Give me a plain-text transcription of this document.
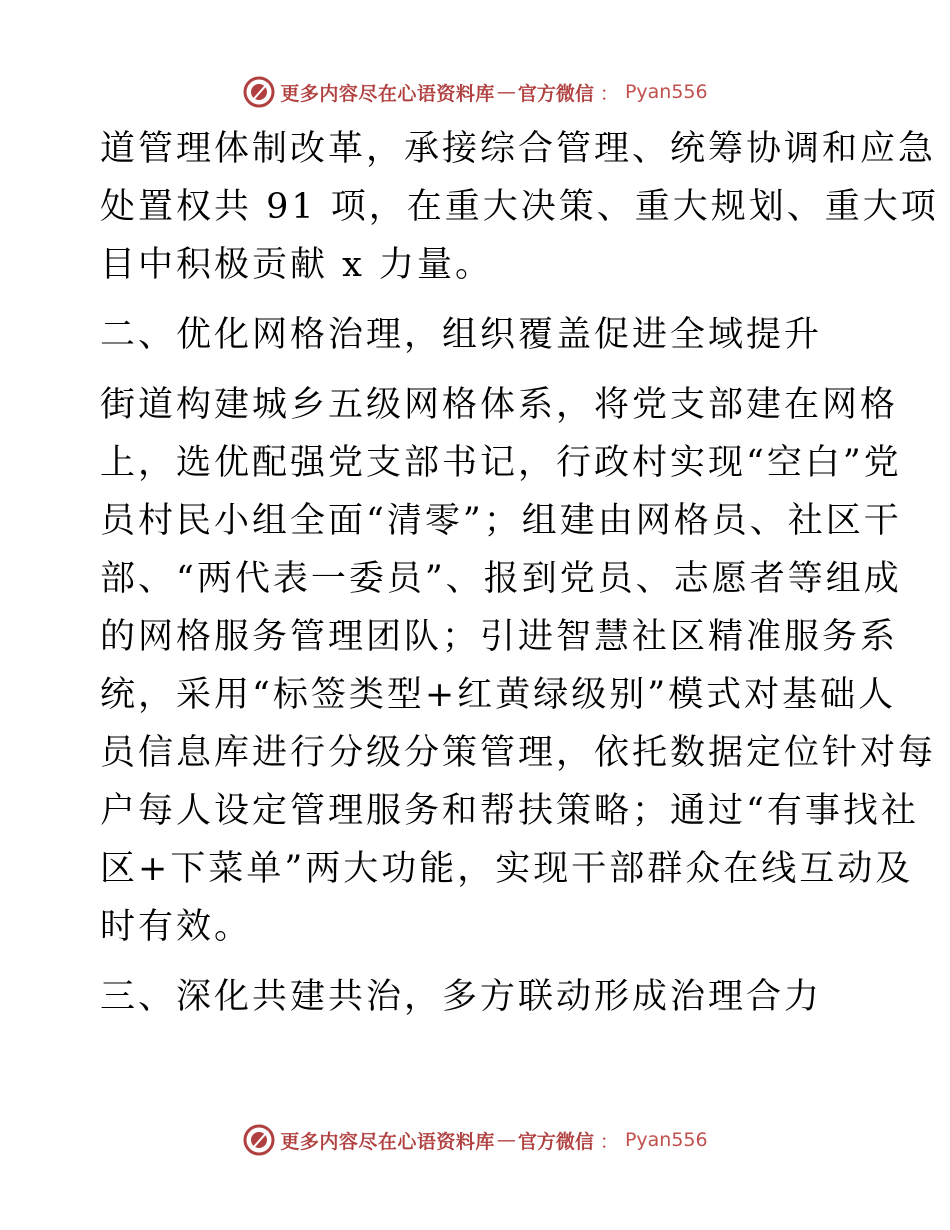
更多内容尽在心语资料库 — 官方微信 ： Pyan556
道管理体制改革，承接综合管理、统筹协调和应急
处置权共 91 项，在重大决策、重大规划、重大项
目中积极贡献 x 力量。
二、优化网格治理，组织覆盖促进全域提升
街道构建城乡五级网格体系，将党支部建在网格
上，选优配强党支部书记，行政村实现“空白”党
员村民小组全面“清零”；组建由网格员、社区干
部、“两代表一委员”、报到党员、志愿者等组成
的网格服务管理团队；引进智慧社区精准服务系
统，采用“标签类型+红黄绿级别”模式对基础人
员信息库进行分级分策管理，依托数据定位针对每
户每人设定管理服务和帮扶策略；通过“有事找社
区+下菜单”两大功能，实现干部群众在线互动及
时有效。
三、深化共建共治，多方联动形成治理合力
更多内容尽在心语资料库 — 官方微信 ： Pyan556
